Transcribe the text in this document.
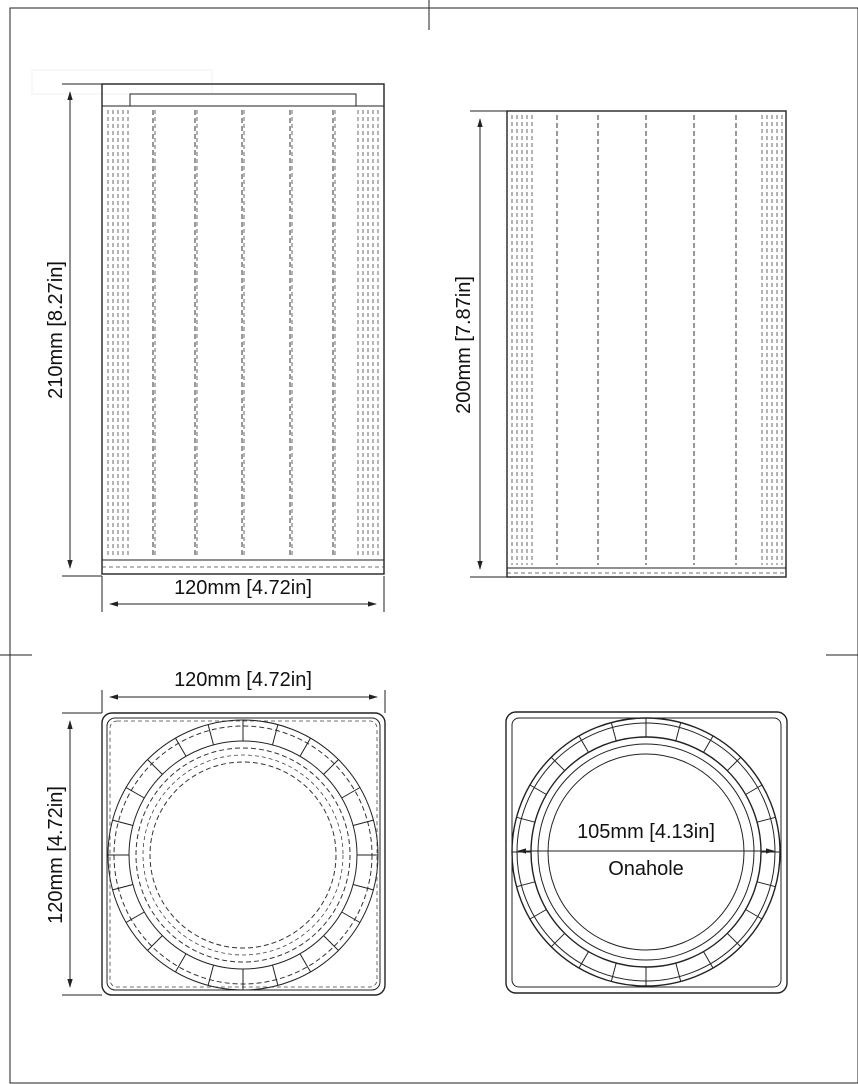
210mm [8.27in]
120mm [4.72in]
200mm [7.87in]
120mm [4.72in]
120mm [4.72in]	105mm [4.13in]
Onahole
